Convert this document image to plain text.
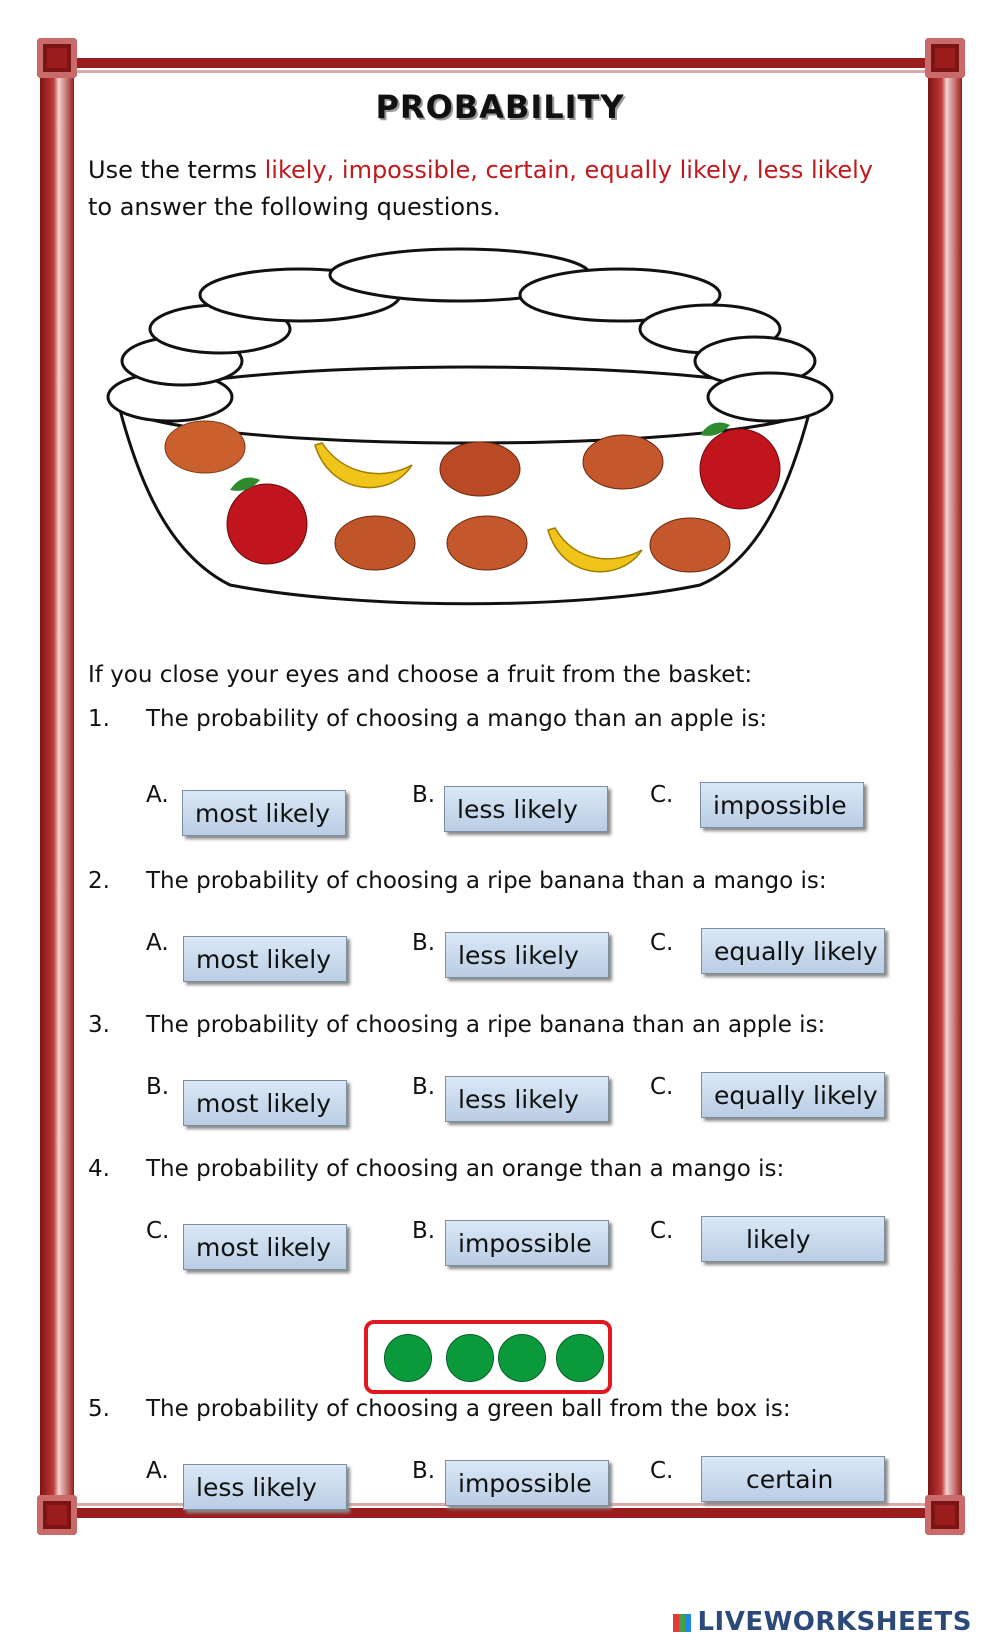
PROBABILITY
Use the terms likely, impossible, certain, equally likely, less likely to answer the following questions.
If you close your eyes and choose a fruit from the basket:
1. The probability of choosing a mango than an apple is:
A.
most likely
B. less likely	C.	impossible
2. The probability of choosing a ripe banana than a mango is:
A.
most likely
B. less likely	C.	equally likely
3. The probability of choosing a ripe banana than an apple is:
B.
most likely
B. less likely	C.	equally likely
4. The probability of choosing an orange than a mango is:
C.
most likely
B. impossible	C.	likely
5. The probability of choosing a green ball from the box is:
A.
less likely
B. impossible	C.	certain
LIVEWORKSHEETS
